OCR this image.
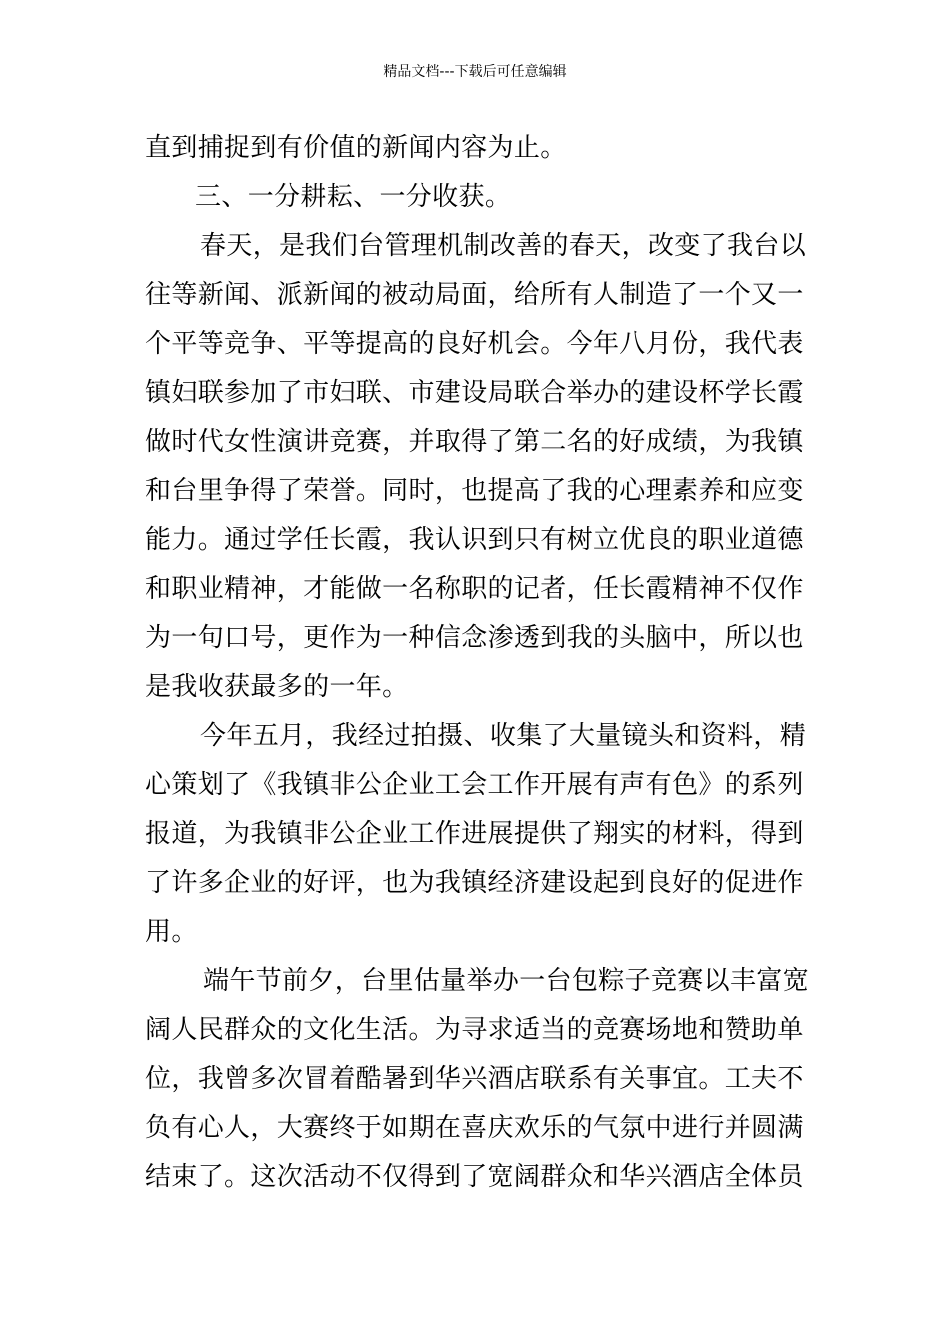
精品文档---下载后可任意编辑
直到捕捉到有价值的新闻内容为止。
三、一分耕耘、一分收获。
春天，是我们台管理机制改善的春天，改变了我台以
往等新闻、派新闻的被动局面，给所有人制造了一个又一
个平等竞争、平等提高的良好机会。今年八月份，我代表
镇妇联参加了市妇联、市建设局联合举办的建设杯学长霞
做时代女性演讲竞赛，并取得了第二名的好成绩，为我镇
和台里争得了荣誉。同时，也提高了我的心理素养和应变
能力。通过学任长霞，我认识到只有树立优良的职业道德
和职业精神，才能做一名称职的记者，任长霞精神不仅作
为一句口号，更作为一种信念渗透到我的头脑中，所以也
是我收获最多的一年。
今年五月，我经过拍摄、收集了大量镜头和资料，精
心策划了《我镇非公企业工会工作开展有声有色》的系列
报道，为我镇非公企业工作进展提供了翔实的材料，得到
了许多企业的好评，也为我镇经济建设起到良好的促进作
用。
端午节前夕，台里估量举办一台包粽子竞赛以丰富宽
阔人民群众的文化生活。为寻求适当的竞赛场地和赞助单
位，我曾多次冒着酷暑到华兴酒店联系有关事宜。工夫不
负有心人，大赛终于如期在喜庆欢乐的气氛中进行并圆满
结束了。这次活动不仅得到了宽阔群众和华兴酒店全体员
